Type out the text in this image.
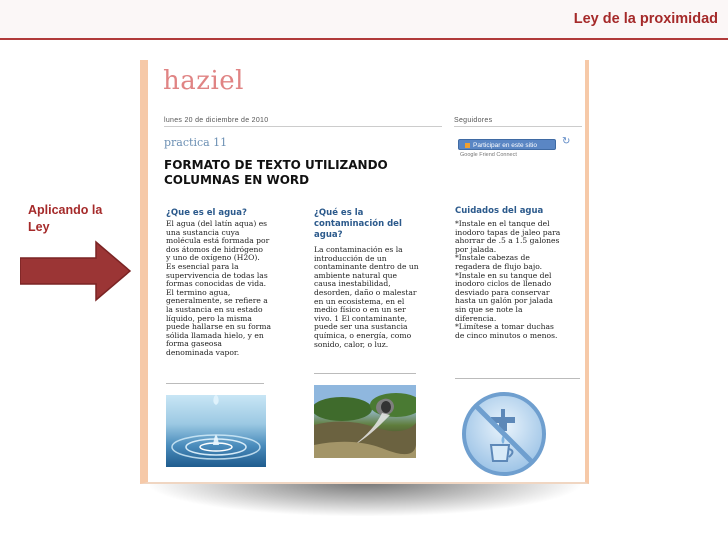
Ley de la proximidad
Aplicando la Ley
haziel
lunes 20 de diciembre de 2010
practica 11
FORMATO DE TEXTO UTILIZANDO COLUMNAS EN WORD
Seguidores
Participar en este sitio
Google Friend Connect
↻
¿Que es el agua?
El agua (del latín aqua) es
una sustancia cuya
molécula está formada por
dos átomos de hidrógeno
y uno de oxígeno (H2O).
Es esencial para la
supervivencia de todas las
formas conocidas de vida.
El termino agua,
generalmente, se refiere a
la sustancia en su estado
líquido, pero la misma
puede hallarse en su forma
sólida llamada hielo, y en
forma gaseosa
denominada vapor.
¿Qué es la
contaminación del
agua?
La contaminación es la
introducción de un
contaminante dentro de un
ambiente natural que
causa inestabilidad,
desorden, daño o malestar
en un ecosistema, en el
medio físico o en un ser
vivo. 1 El contaminante,
puede ser una sustancia
química, o energía, como
sonido, calor, o luz.
Cuidados del agua
*Instale en el tanque del
inodoro tapas de jaleo para
ahorrar de .5 a 1.5 galones
por jalada.
*Instale cabezas de
regadera de flujo bajo.
*Instale en su tanque del
inodoro ciclos de llenado
desviado para conservar
hasta un galón por jalada
sin que se note la
diferencia.
*Limítese a tomar duchas
de cinco minutos o menos.
